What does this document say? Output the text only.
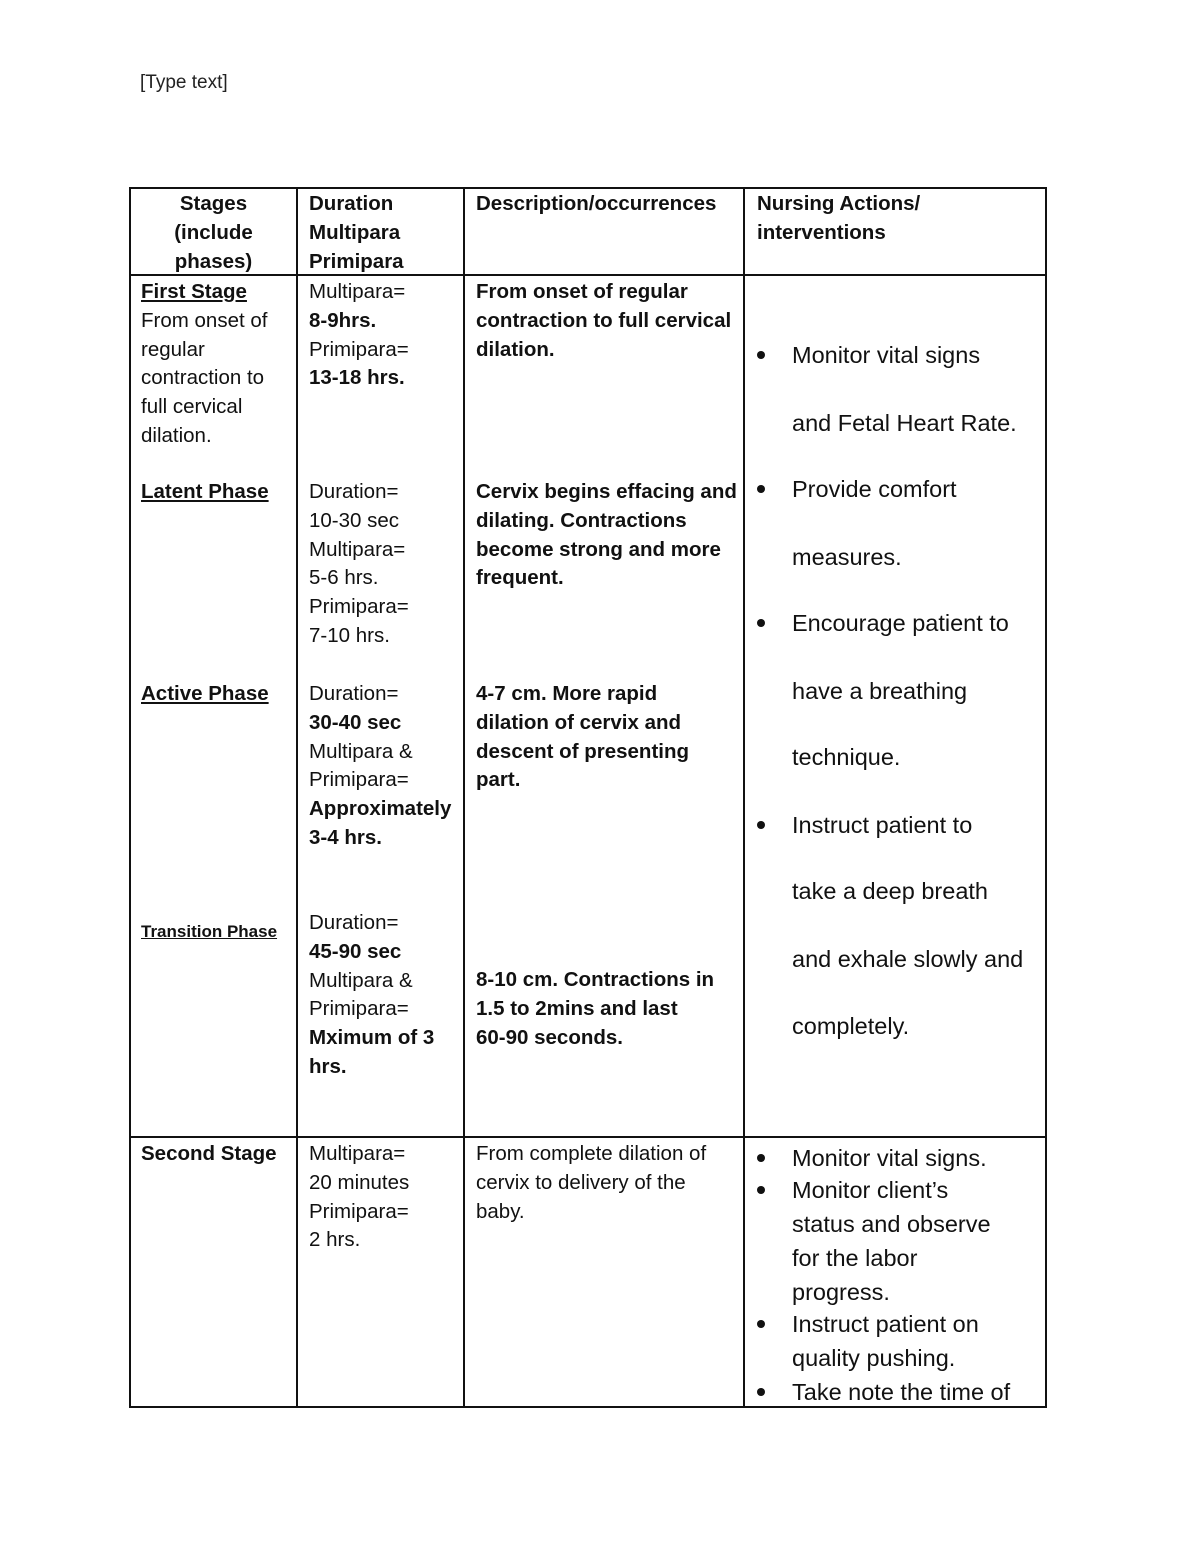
[Type text]
Stages
(include
phases)
Duration
Multipara
Primipara
Description/occurrences Nursing Actions/
interventions
First Stage
From onset of
regular
contraction to
full cervical
dilation.
Latent Phase
Active Phase
Transition Phase
Multipara=
8-9hrs.
Primipara=
13-18 hrs.
Duration=
10-30 sec
Multipara=
5-6 hrs.
Primipara=
7-10 hrs.
Duration=
30-40 sec
Multipara &
Primipara=
Approximately
3-4 hrs.
Duration=
45-90 sec
Multipara &
Primipara=
Mximum of 3
hrs.
From onset of regular
contraction to full cervical
dilation.
Cervix begins effacing and
dilating. Contractions
become strong and more
frequent.
4-7 cm. More rapid
dilation of cervix and
descent of presenting
part.
8-10 cm. Contractions in
1.5 to 2mins and last
60-90 seconds.
Monitor vital signs
and Fetal Heart Rate.
Provide comfort
measures.
Encourage patient to
have a breathing
technique.
Instruct patient to
take a deep breath
and exhale slowly and
completely.
Second Stage Multipara=
20 minutes
Primipara=
2 hrs.
From complete dilation of
cervix to delivery of the
baby.
Monitor vital signs.
Monitor client’s
status and observe
for the labor
progress.
Instruct patient on
quality pushing.
Take note the time of
